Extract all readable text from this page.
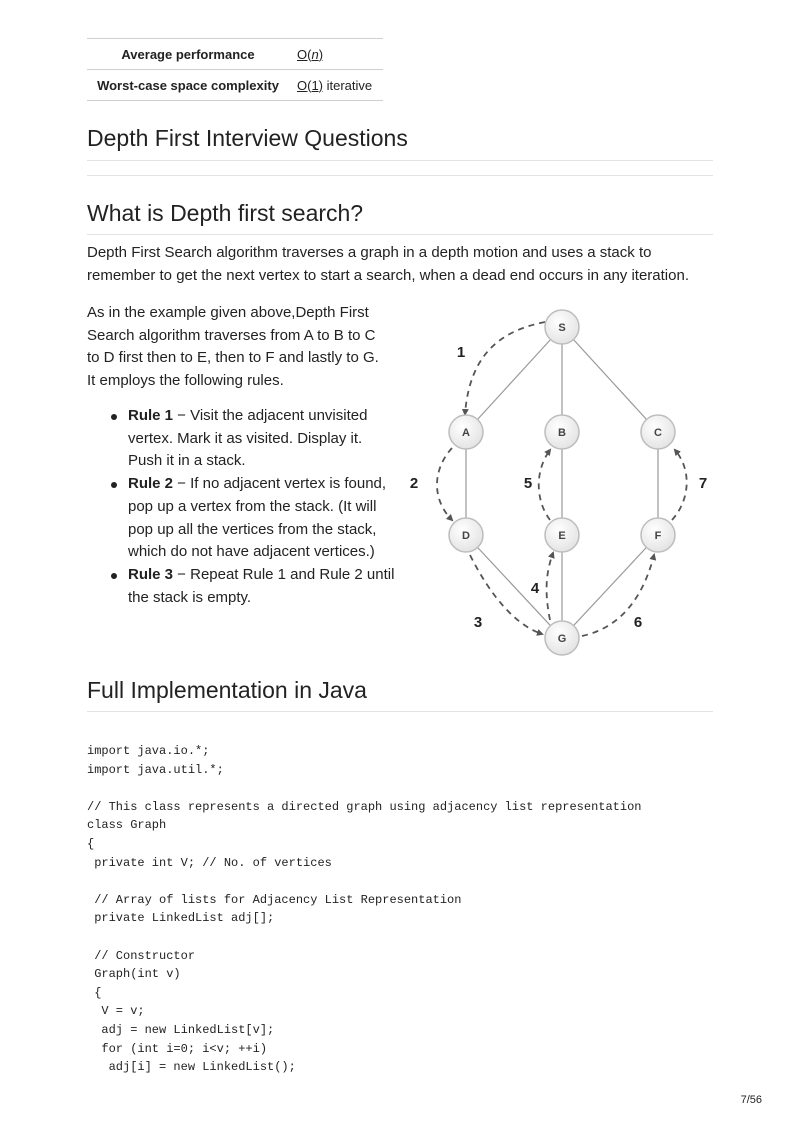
Average performance	O(n)
Worst-case space complexity	O(1) iterative
Depth First Interview Questions
What is Depth first search?

Depth First Search algorithm traverses a graph in a depth motion and uses a stack to remember to get the next vertex to start a search, when a dead end occurs in any iteration.

As in the example given above,Depth First Search algorithm traverses from A to B to C to D first then to E, then to F and lastly to G. It employs the following rules.

Rule 1 − Visit the adjacent unvisited vertex. Mark it as visited. Display it. Push it in a stack.
Rule 2 − If no adjacent vertex is found, pop up a vertex from the stack. (It will pop up all the vertices from the stack, which do not have adjacent vertices.)
Rule 3 − Repeat Rule 1 and Rule 2 until the stack is empty.
S
A	B	C
D	E	F
G
1
2
3
4
5
6
7
Full Implementation in Java
import java.io.*;
import java.util.*;

// This class represents a directed graph using adjacency list representation
class Graph
{
private int V; // No. of vertices

// Array of lists for Adjacency List Representation
private LinkedList adj[];

// Constructor
Graph(int v)
{
V = v;
adj = new LinkedList[v];
for (int i=0; i<v; ++i)
adj[i] = new LinkedList();
7/56
